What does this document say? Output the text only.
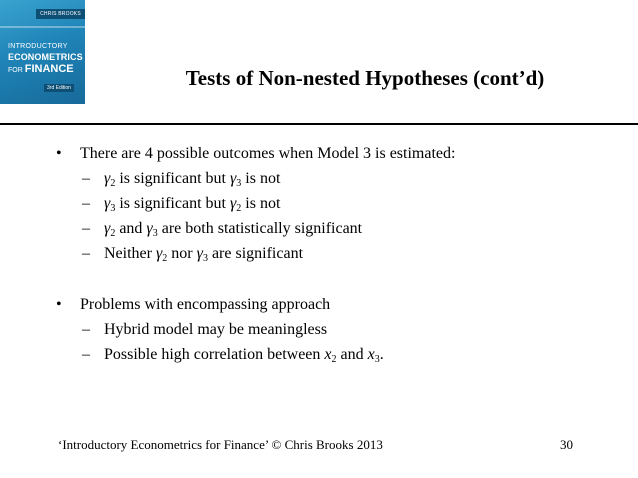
CHRIS BROOKS
INTRODUCTORY
ECONOMETRICS
FOR FINANCE
3rd Edition	Tests of Non-nested Hypotheses (cont’d)
• There are 4 possible outcomes when Model 3 is estimated:
– $\gamma_2$ is significant but $\gamma_3$ is not
– $\gamma_3$ is significant but $\gamma_2$ is not
– $\gamma_2$ and $\gamma_3$ are both statistically significant
– Neither $\gamma_2$ nor $\gamma_3$ are significant
• Problems with encompassing approach
– Hybrid model may be meaningless
– Possible high correlation between $x_2$ and $x_3$.
‘Introductory Econometrics for Finance’ © Chris Brooks 2013	30
